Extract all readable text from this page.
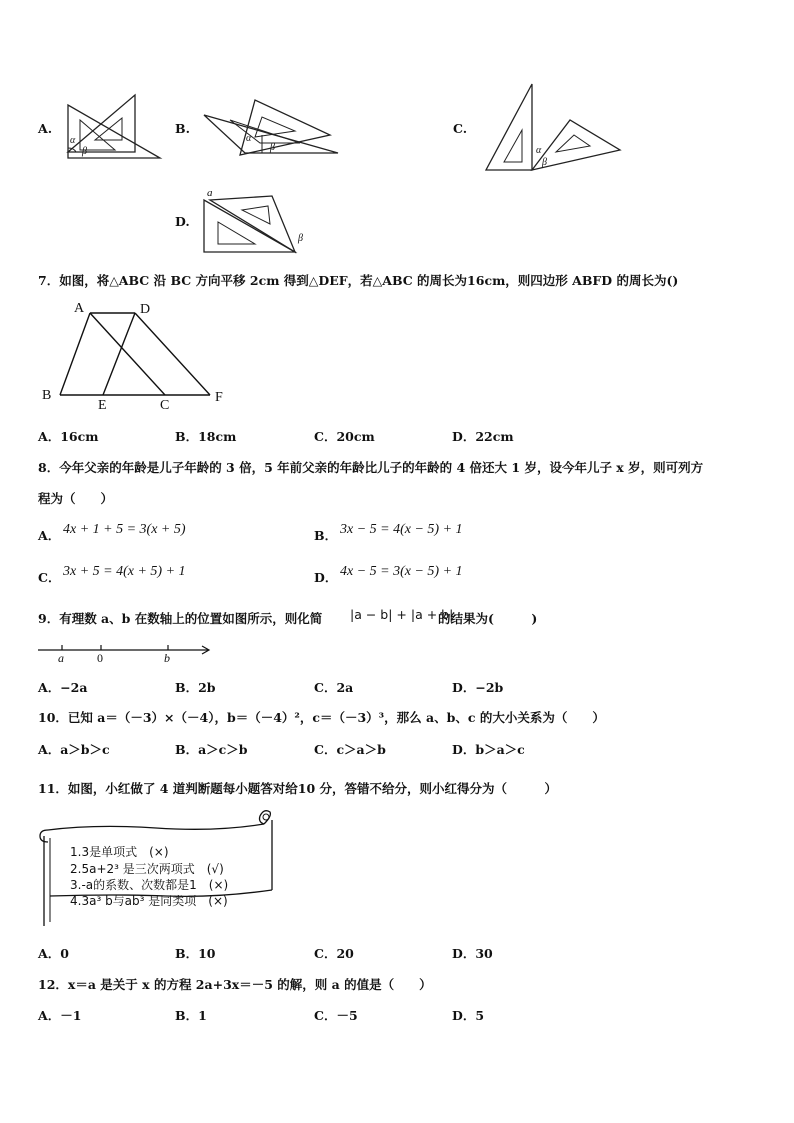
A.
α
β
B.
α
β
C.
α
β
D.
a
β
7．如图，将△ABC 沿 BC 方向平移 2cm 得到△DEF，若△ABC 的周长为16cm，则四边形 ABFD 的周长为()
A	D
B
E	C
F
A．16cm	B．18cm	C．20cm	D．22cm
8．今年父亲的年龄是儿子年龄的 3 倍，5 年前父亲的年龄比儿子的年龄的 4 倍还大 1 岁，设今年儿子 x 岁，则可列方
程为（　　）
A． 4x + 1 + 5 = 3(x + 5)	B． 3x − 5 = 4(x − 5) + 1
C． 3x + 5 = 4(x + 5) + 1	D． 4x − 5 = 3(x − 5) + 1
9．有理数 a、b 在数轴上的位置如图所示，则化简 |a − b| + |a + b|
的结果为(　　　)
a	0	b
A．−2a	B．2b	C．2a	D．−2b
10．已知 a＝（－3）×（－4），b＝（－4）²，c＝（－3）³，那么 a、b、c 的大小关系为（　　）
A．a＞b＞c	B．a＞c＞b	C．c＞a＞b	D．b＞a＞c
11．如图，小红做了 4 道判断题每小题答对给10 分，答错不给分，则小红得分为（　　　）
1.3是单项式　(×)
2.5a+2³ 是三次两项式　(√)
3.-a的系数、次数都是1　(×)
4.3a³ b与ab³ 是同类项　(×)
A．0	B．10	C．20	D．30
12．x＝a 是关于 x 的方程 2a+3x＝－5 的解，则 a 的值是（　　）
A．－1	B．1	C．－5	D．5
